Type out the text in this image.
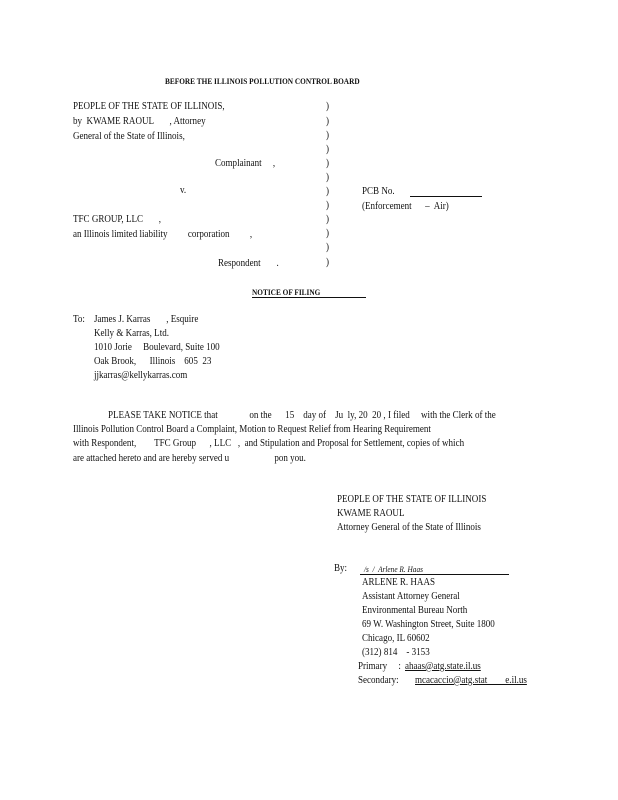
BEFORE THE ILLINOIS POLLUTION CONTROL BOARD
PEOPLE OF THE STATE OF ILLINOIS,
by  KWAME RAOUL       , Attorney
General of the State of Illinois,
Complainant     ,
v.
TFC GROUP, LLC       ,
an Illinois limited liability         corporation         ,
Respondent       .
)
)
)
)
)
)
)
)
)
)
)
)
PCB No.
(Enforcement      –  Air)
NOTICE OF FILING
To: James J. Karras       , Esquire
Kelly & Karras, Ltd.
1010 Jorie     Boulevard, Suite 100
Oak Brook,      Illinois    605  23
jjkarras@kellykarras.com
PLEASE TAKE NOTICE that              on the      15    day of    Ju  ly, 20  20 , I filed     with the Clerk of the
Illinois Pollution Control Board a Complaint, Motion to Request Relief from Hearing Requirement
with Respondent,        TFC Group      , LLC   ,  and Stipulation and Proposal for Settlement, copies of which
are attached hereto and are hereby served u                    pon you.
PEOPLE OF THE STATE OF ILLINOIS
KWAME RAOUL
Attorney General of the State of Illinois
By: /s  /  Arlene R. Haas
ARLENE R. HAAS
Assistant Attorney General
Environmental Bureau North
69 W. Washington Street, Suite 1800
Chicago, IL 60602
(312) 814    - 3153
Primary     : ahaas@atg.state.il.us
Secondary: mcacaccio@atg.stat        e.il.us
